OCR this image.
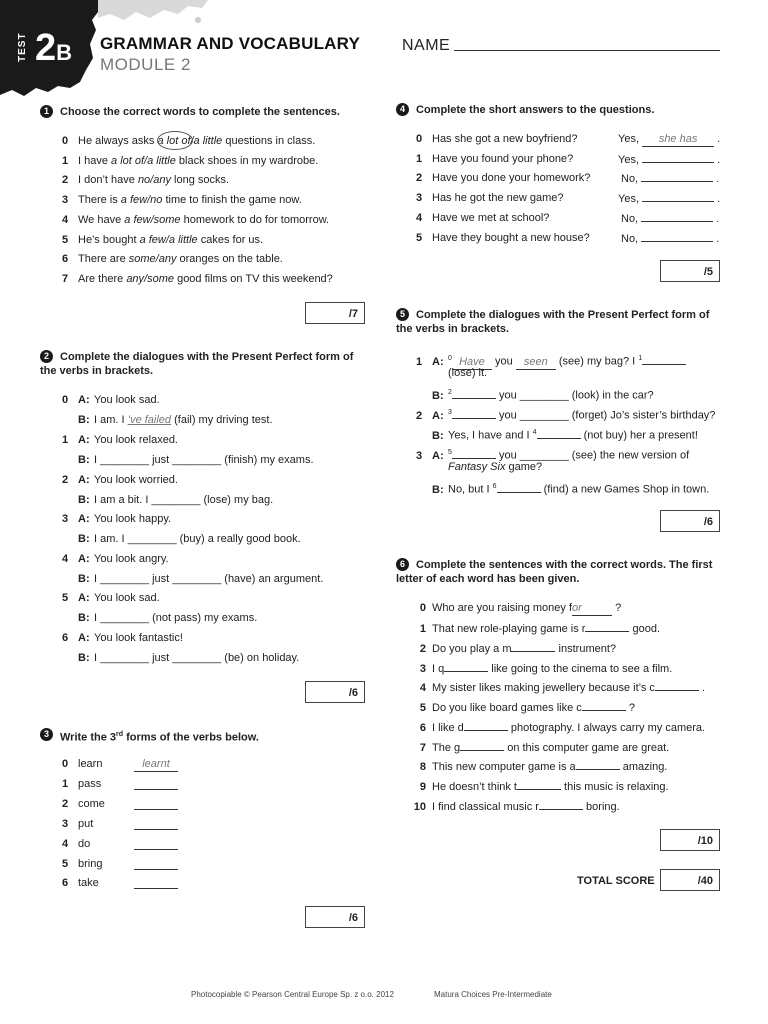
TEST 2B GRAMMAR AND VOCABULARY
MODULE 2
NAME
1 Choose the correct words to complete the sentences.
0 He always asks a lot of/a little questions in class.
1 I have a lot of/a little black shoes in my wardrobe.
2 I don’t have no/any long socks.
3 There is a few/no time to finish the game now.
4 We have a few/some homework to do for tomorrow.
5 He’s bought a few/a little cakes for us.
6 There are some/any oranges on the table.
7 Are there any/some good films on TV this weekend?
/7
2 Complete the dialogues with the Present Perfect form of the verbs in brackets.
0 A: You look sad.
B: I am. I ’ve failed (fail) my driving test.
1 A: You look relaxed.
B: I ________ just ________ (finish) my exams.
2 A: You look worried.
B: I am a bit. I ________ (lose) my bag.
3 A: You look happy.
B: I am. I ________ (buy) a really good book.
4 A: You look angry.
B: I ________ just ________ (have) an argument.
5 A: You look sad.
B: I ________ (not pass) my exams.
6 A: You look fantastic!
B: I ________ just ________ (be) on holiday.
/6
3 Write the 3rd forms of the verbs below.
0 learn	learnt
1 pass
2 come
3 put
4 do
5 bring
6 take
/6
4 Complete the short answers to the questions.
0 Has she got a new boyfriend?	Yes, she has .
1 Have you found your phone?	Yes,	.
2 Have you done your homework?	No,	.
3 Has he got the new game?	Yes,	.
4 Have we met at school?	No,	.
5 Have they bought a new house?	No,	.
/5
5 Complete the dialogues with the Present Perfect form of the verbs in brackets.
1 A: $^0$ Have you seen (see) my bag? I $^1$
(lose) it.
B: $^2$	you ________ (look) in the car?
2 A: $^3$	you ________ (forget) Jo’s sister’s birthday?
B: Yes, I have and I $^4$	(not buy) her a present!
3 A: $^5$	you ________ (see) the new version of
Fantasy Six game?
B: No, but I $^6$	(find) a new Games Shop in town.
/6
6 Complete the sentences with the correct words. The first letter of each word has been given.
0 Who are you raising money for	?
1 That new role-playing game is r	good.
2 Do you play a m	instrument?
3 I q	like going to the cinema to see a film.
4 My sister likes making jewellery because it’s c	.
5 Do you like board games like c	?
6 I like d	photography. I always carry my camera.
7 The g	on this computer game are great.
8 This new computer game is a	amazing.
9 He doesn’t think t	this music is relaxing.
10 I find classical music r	boring.
/10
TOTAL SCORE	/40
Photocopiable © Pearson Central Europe Sp. z o.o. 2012	Matura Choices Pre-Intermediate
